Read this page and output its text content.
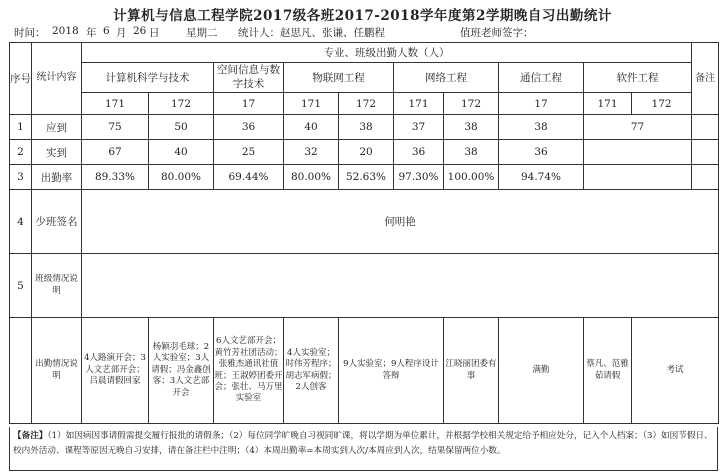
计算机与信息工程学院2017级各班2017-2018学年度第2学期晚自习出勤统计
时间： 2018 年 6 月 26 日	星期二 统计人：赵思凡、张谦、任鹏程	值班老师签字：
序号	统计内容	专业、班级出勤人数（人）										备注
		计算机科学与技术		空间信息与数字技术	物联网工程		网络工程		通信工程	软件工程		
		171	172	17	171	172	171	172	17	171	172	
1	应到	75	50	36	40	38	37	38	38	77		
2	实到	67	40	25	32	20	36	38	36			
3	出勤率	89.33%	80.00%	69.44%	80.00%	52.63%	97.30%	100.00%	94.74%			
4	少班签名	何明艳										
5	班级情况说明											
	出勤情况说明	4人路演开会；3人文艺部开会；吕晨请假回家	杨颖羽毛球；2人实验室；3人请假；冯金鑫创客；3人文艺部开会	6人文艺部开会；黄竹芳社团活动；张雅杰通讯社值班；王淑婷团委开会；张壮、马万里实验室	4人实验室；时伟芳程序；胡志军病假；2人创客	9人实验室；9人程序设计答辩		江晓丽团委有事	满勤	蔡凡、范雅茹请假	考试	
【备注】（1）如因病因事请假需提交履行报批的请假条；（2）每位同学旷晚自习视同旷课，将以学期为单位累计，并根据学校相关规定给予相应处分，记入个人档案；（3）如因节假日、校内外活动、课程等原因无晚自习安排，请在备注栏中注明；（4）本周出勤率=本周实到人次/本周应到人次，结果保留两位小数。
